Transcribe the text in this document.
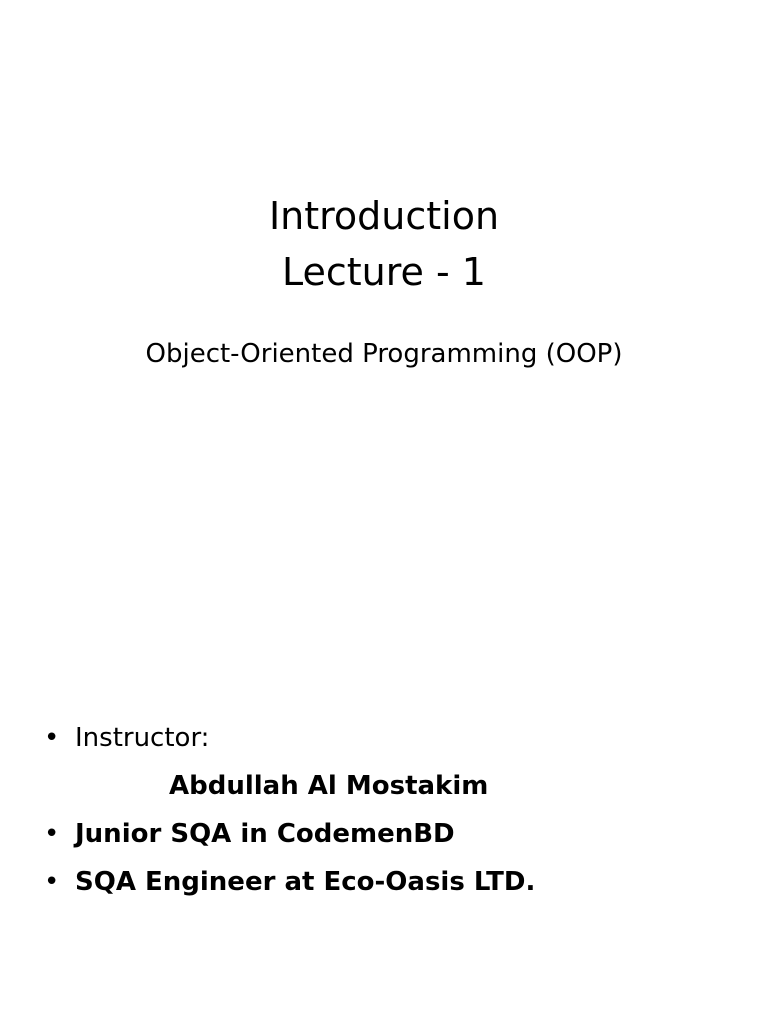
Introduction
Lecture - 1
Object-Oriented Programming (OOP)
• Instructor:
Abdullah Al Mostakim
• Junior SQA in CodemenBD
• SQA Engineer at Eco-Oasis LTD.
